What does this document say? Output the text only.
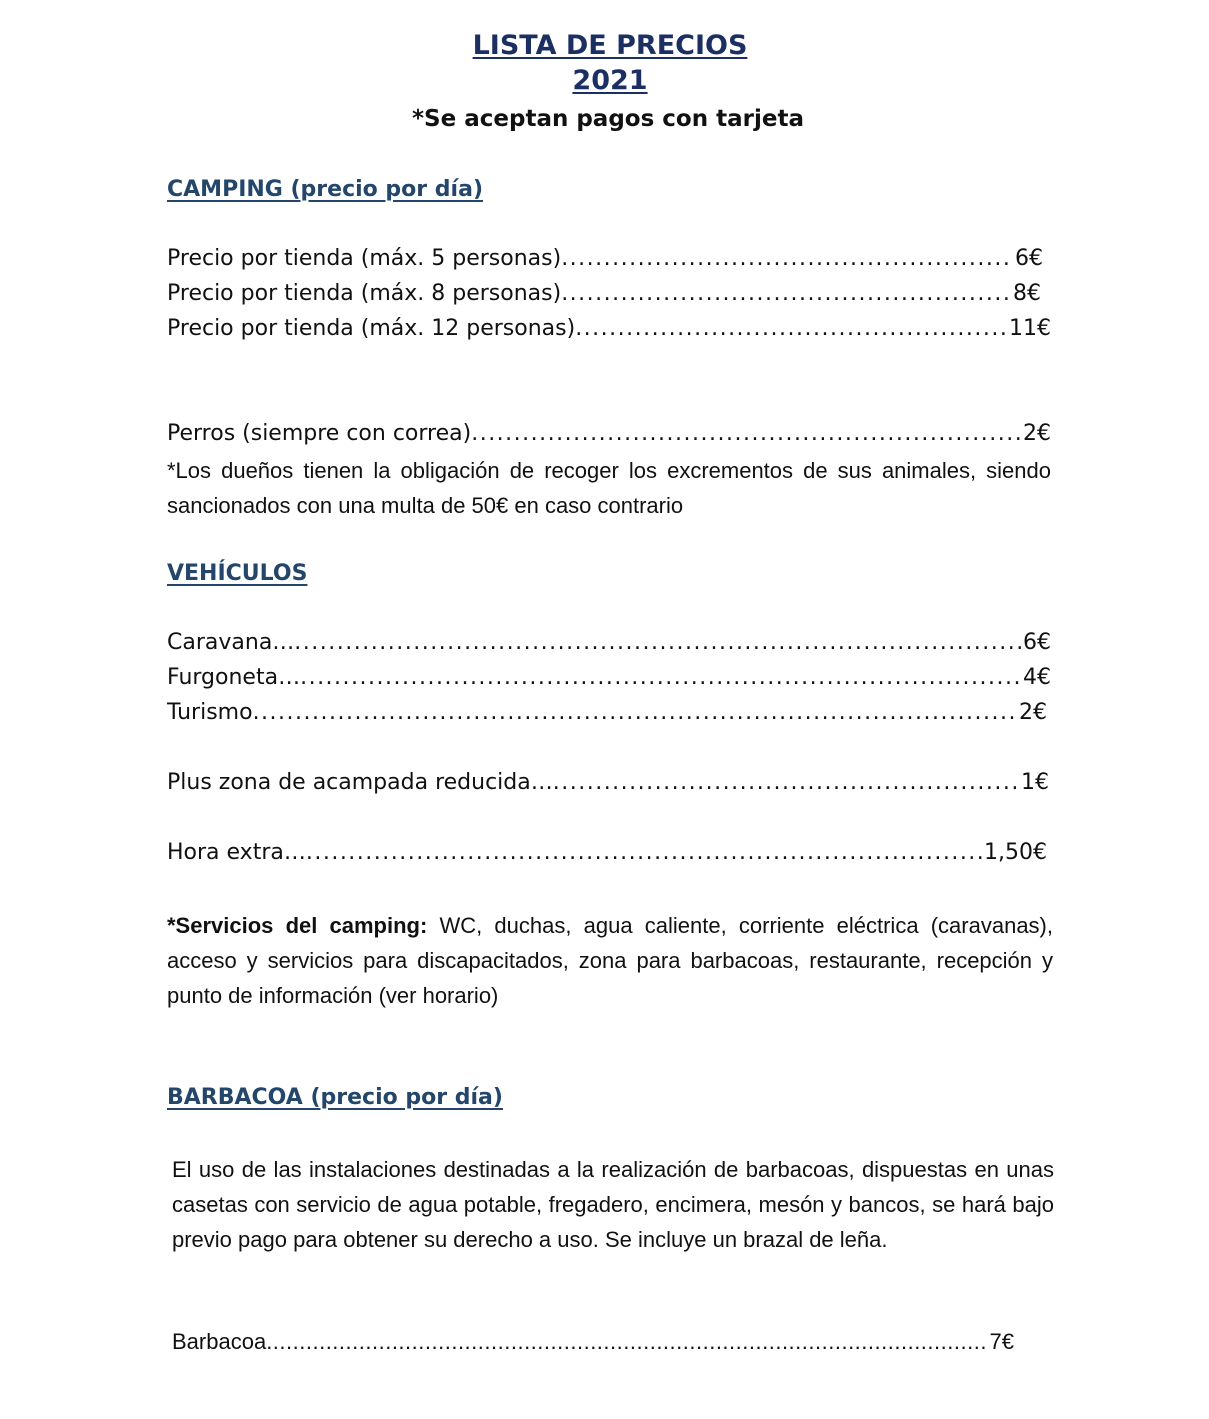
LISTA DE PRECIOS
2021
*Se aceptan pagos con tarjeta
CAMPING (precio por día)
Precio por tienda (máx. 5 personas) .....	6€
Precio por tienda (máx. 8 personas) .....	8€
Precio por tienda (máx. 12 personas) .....	11€
Perros (siempre con correa) .....	2€
*Los dueños tienen la obligación de recoger los excrementos de sus animales, siendo sancionados con una multa de 50€ en caso contrario
VEHÍCULOS
Caravana… .....	6€
Furgoneta… .....	4€
Turismo .....	2€
Plus zona de acampada reducida… .....	1€
Hora extra… .....	1,50€
*Servicios del camping: WC, duchas, agua caliente, corriente eléctrica (caravanas), acceso y servicios para discapacitados, zona para barbacoas, restaurante, recepción y punto de información (ver horario)
BARBACOA (precio por día)
El uso de las instalaciones destinadas a la realización de barbacoas, dispuestas en unas casetas con servicio de agua potable, fregadero, encimera, mesón y bancos, se hará bajo previo pago para obtener su derecho a uso. Se incluye un brazal de leña.
Barbacoa .....	7€
